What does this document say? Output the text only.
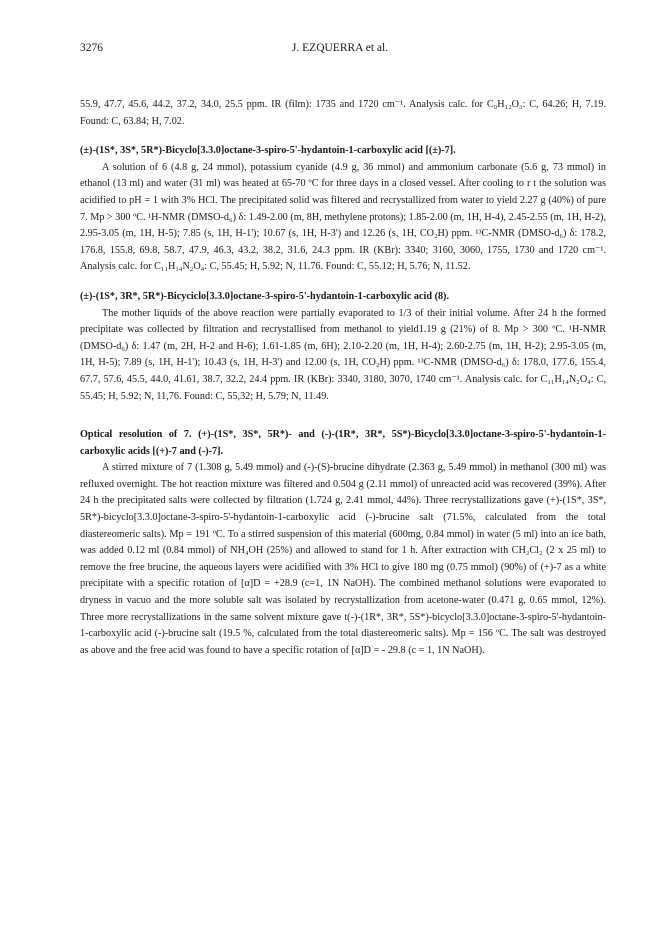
3276	J. EZQUERRA et al.

55.9, 47.7, 45.6, 44.2, 37.2, 34.0, 25.5 ppm. IR (film): 1735 and 1720 cm⁻¹. Analysis calc. for C₉H₁₂O₃: C, 64.26; H, 7.19. Found: C, 63.84; H, 7.02.

(±)-(1S*, 3S*, 5R*)-Bicyclo[3.3.0]octane-3-spiro-5'-hydantoin-1-carboxylic acid [(±)-7].

A solution of 6 (4.8 g, 24 mmol), potassium cyanide (4.9 g, 36 mmol) and ammonium carbonate (5.6 g, 73 mmol) in ethanol (13 ml) and water (31 ml) was heated at 65-70 ºC for three days in a closed vessel. After cooling to r t the solution was acidified to pH = 1 with 3% HCl. The precipitated solid was filtered and recrystallized from water to yield 2.27 g (40%) of pure 7. Mp > 300 ºC. ¹H-NMR (DMSO-d₆) δ: 1.49-2.00 (m, 8H, methylene protons); 1.85-2.00 (m, 1H, H-4), 2.45-2.55 (m, 1H, H-2), 2.95-3.05 (m, 1H, H-5); 7.85 (s, 1H, H-1'); 10.67 (s, 1H, H-3') and 12.26 (s, 1H, CO₂H) ppm. ¹³C-NMR (DMSO-d₆) δ: 178.2, 176.8, 155.8, 69.8, 58.7, 47.9, 46.3, 43.2, 38.2, 31.6, 24.3 ppm. IR (KBr): 3340; 3160, 3060, 1755, 1730 and 1720 cm⁻¹. Analysis calc. for C₁₁H₁₄N₂O₄: C, 55.45; H, 5.92; N, 11.76. Found: C, 55.12; H, 5.76; N, 11.52.

(±)-(1S*, 3R*, 5R*)-Bicyciclo[3.3.0]octane-3-spiro-5'-hydantoin-1-carboxylic acid (8).

The mother liquids of the above reaction were partially evaporated to 1/3 of their initial volume. After 24 h the formed precipitate was collected by filtration and recrystallised from methanol to yield1.19 g (21%) of 8. Mp > 300 ºC. ¹H-NMR (DMSO-d₆) δ: 1.47 (m, 2H, H-2 and H-6); 1.61-1.85 (m, 6H); 2.10-2.20 (m, 1H, H-4); 2.60-2.75 (m, 1H, H-2); 2.95-3.05 (m, 1H, H-5); 7.89 (s, 1H, H-1'); 10.43 (s, 1H, H-3') and 12.00 (s, 1H, CO₂H) ppm. ¹³C-NMR (DMSO-d₆) δ: 178.0, 177.6, 155.4, 67.7, 57.6, 45.5, 44.0, 41.61, 38.7, 32.2, 24.4 ppm. IR (KBr): 3340, 3180, 3070, 1740 cm⁻¹. Analysis calc. for C₁₁H₁₄N₂O₄: C, 55.45; H, 5.92; N, 11,76. Found: C, 55,32; H, 5.79; N, 11.49.

Optical resolution of 7. (+)-(1S*, 3S*, 5R*)- and (-)-(1R*, 3R*, 5S*)-Bicyclo[3.3.0]octane-3-spiro-5'-hydantoin-1-carboxylic acids [(+)-7 and (-)-7].

A stirred mixture of 7 (1.308 g, 5.49 mmol) and (-)-(S)-brucine dihydrate (2.363 g, 5.49 mmol) in methanol (300 ml) was refluxed overnight. The hot reaction mixture was filtered and 0.504 g (2.11 mmol) of unreacted acid was recovered (39%). After 24 h the precipitated salts were collected by filtration (1.724 g, 2.41 mmol, 44%). Three recrystallizations gave (+)-(1S*, 3S*, 5R*)-bicyclo[3.3.0]octane-3-spiro-5'-hydantoin-1-carboxylic acid (-)-brucine salt (71.5%, calculated from the total diastereomeric salts). Mp = 191 ºC. To a stirred suspension of this material (600mg, 0.84 mmol) in water (5 ml) into an ice bath, was added 0.12 ml (0.84 mmol) of NH₄OH (25%) and allowed to stand for 1 h. After extraction with CH₂Cl₂ (2 x 25 ml) to remove the free brucine, the aqueous layers were acidified with 3% HCl to give 180 mg (0.75 mmol) (90%) of (+)-7 as a white precipitate with a specific rotation of [α]D = +28.9 (c=1, 1N NaOH). The combined methanol solutions were evaporated to dryness in vacuo and the more soluble salt was isolated by recrystallization from acetone-water (0.471 g, 0.65 mmol, 12%). Three more recrystallizations in the same solvent mixture gave t(-)-(1R*, 3R*, 5S*)-bicyclo[3.3.0]octane-3-spiro-5'-hydantoin-1-carboxylic acid (-)-brucine salt (19.5 %, calculated from the total diastereomeric salts). Mp = 156 ºC. The salt was destroyed as above and the free acid was found to have a specific rotation of [α]D = - 29.8 (c = 1, 1N NaOH).
